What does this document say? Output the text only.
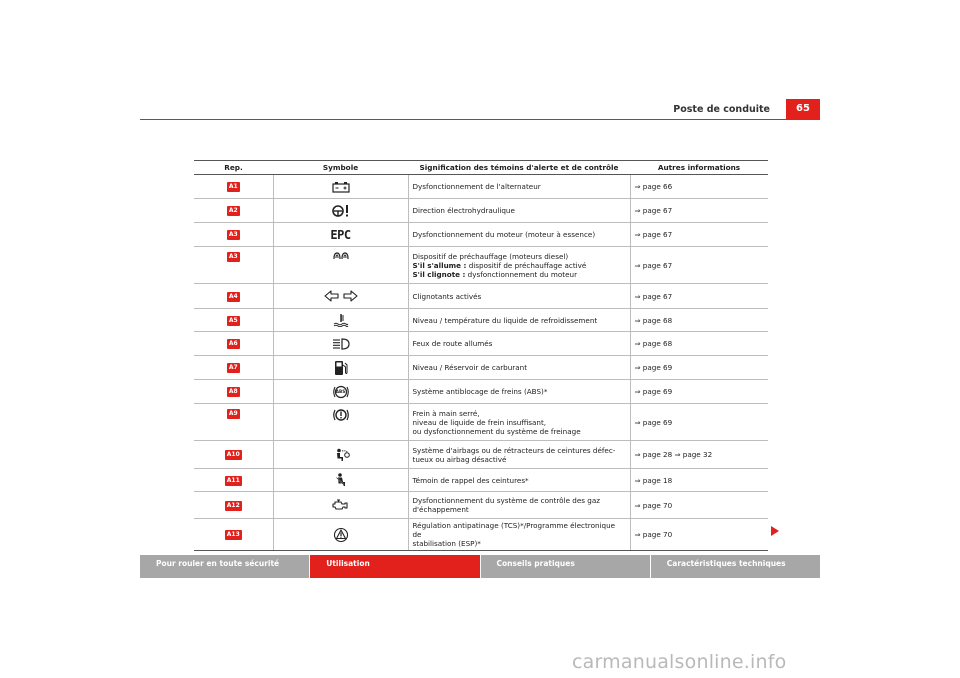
Poste de conduite	65
Rep.	Symbole	Signification des témoins d'alerte et de contrôle	Autres informations
A1		Dysfonctionnement de l'alternateur	⇒ page 66
A2		Direction électrohydraulique	⇒ page 67
A3	EPC	Dysfonctionnement du moteur (moteur à essence)	⇒ page 67
A3		Dispositif de préchauffage (moteurs diesel)
S'il s'allume : dispositif de préchauffage activé
S'il clignote : dysfonctionnement du moteur	⇒ page 67
A4		Clignotants activés	⇒ page 67
A5		Niveau / température du liquide de refroidissement	⇒ page 68
A6		Feux de route allumés	⇒ page 68
A7		Niveau / Réservoir de carburant	⇒ page 69
A8	ABS	Système antiblocage de freins (ABS)*	⇒ page 69
A9		Frein à main serré,
niveau de liquide de frein insuffisant,
ou dysfonctionnement du système de freinage	⇒ page 69
A10		Système d'airbags ou de rétracteurs de ceintures défec-
tueux ou airbag désactivé	⇒ page 28 ⇒ page 32
A11		Témoin de rappel des ceintures*	⇒ page 18
A12		Dysfonctionnement du système de contrôle des gaz
d'échappement	⇒ page 70
A13		Régulation antipatinage (TCS)*/Programme électronique de
stabilisation (ESP)*	⇒ page 70
Pour rouler en toute sécurité	Utilisation	Conseils pratiques	Caractéristiques techniques
carmanualsonline.info
